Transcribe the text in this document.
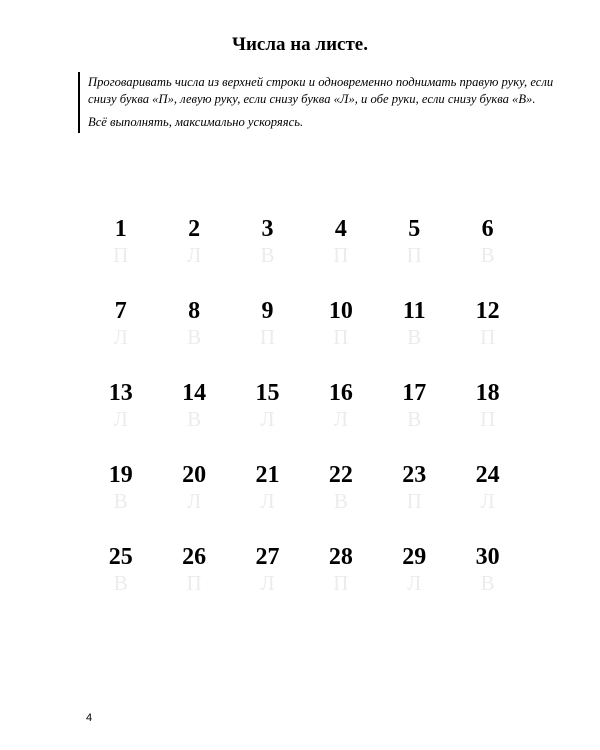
Числа на листе.

Проговаривать числа из верхней строки и одновременно поднимать правую руку, если снизу буква «П», левую руку, если снизу буква «Л», и обе руки, если снизу буква «В».

Всё выполнять, максимально ускоряясь.

1
П
2
Л
3
В
4
П
5
П
6
В
7
Л
8
В
9
П
10
П
11
В
12
П
13
Л
14
В
15
Л
16
Л
17
В
18
П
19
В
20
Л
21
Л
22
В
23
П
24
Л
25
В
26
П
27
Л
28
П
29
Л
30
В
4
